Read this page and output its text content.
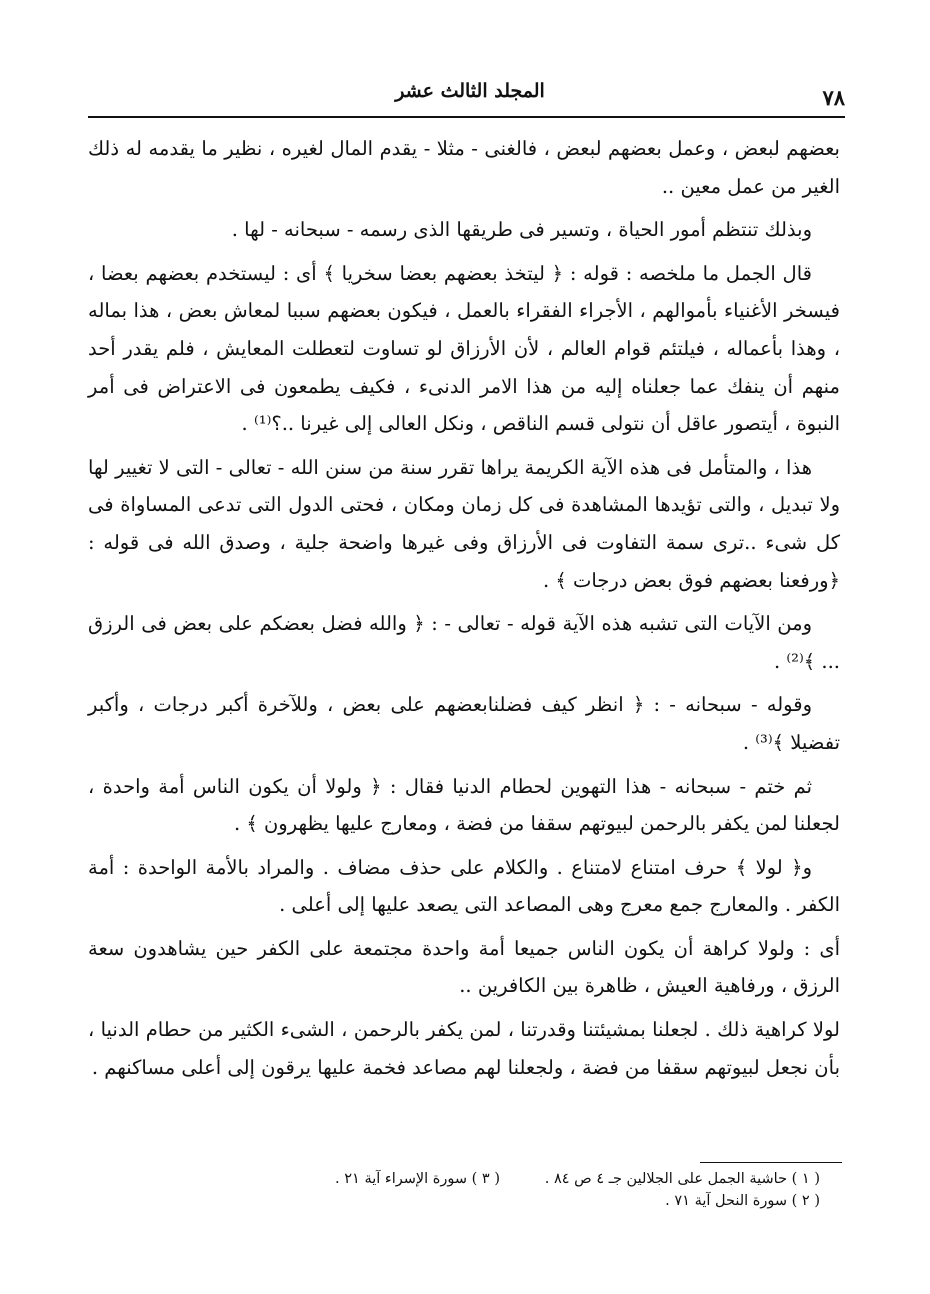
٧٨
المجلد الثالث عشر

بعضهم لبعض ، وعمل بعضهم لبعض ، فالغنى - مثلا - يقدم المال لغيره ، نظير ما يقدمه له ذلك الغير من عمل معين ..

وبذلك تنتظم أمور الحياة ، وتسير فى طريقها الذى رسمه - سبحانه - لها .

قال الجمل ما ملخصه : قوله : ﴿ ليتخذ بعضهم بعضا سخريا ﴾ أى : ليستخدم بعضهم بعضا ، فيسخر الأغنياء بأموالهم ، الأجراء الفقراء بالعمل ، فيكون بعضهم سببا لمعاش بعض ، هذا بماله ، وهذا بأعماله ، فيلتئم قوام العالم ، لأن الأرزاق لو تساوت لتعطلت المعايش ، فلم يقدر أحد منهم أن ينفك عما جعلناه إليه من هذا الامر الدنىء ، فكيف يطمعون فى الاعتراض فى أمر النبوة ، أيتصور عاقل أن نتولى قسم الناقص ، ونكل العالى إلى غيرنا ..؟⁽¹⁾ .

هذا ، والمتأمل فى هذه الآية الكريمة يراها تقرر سنة من سنن الله - تعالى - التى لا تغيير لها ولا تبديل ، والتى تؤيدها المشاهدة فى كل زمان ومكان ، فحتى الدول التى تدعى المساواة فى كل شىء ..ترى سمة التفاوت فى الأرزاق وفى غيرها واضحة جلية ، وصدق الله فى قوله : ﴿ورفعنا بعضهم فوق بعض درجات ﴾ .

ومن الآيات التى تشبه هذه الآية قوله - تعالى - : ﴿ والله فضل بعضكم على بعض فى الرزق ... ﴾⁽²⁾ .

وقوله - سبحانه - : ﴿ انظر كيف فضلنابعضهم على بعض ، وللآخرة أكبر درجات ، وأكبر تفضيلا ﴾⁽³⁾ .

ثم ختم - سبحانه - هذا التهوين لحطام الدنيا فقال : ﴿ ولولا أن يكون الناس أمة واحدة ، لجعلنا لمن يكفر بالرحمن لبيوتهم سقفا من فضة ، ومعارج عليها يظهرون ﴾ .

و﴿ لولا ﴾ حرف امتناع لامتناع . والكلام على حذف مضاف . والمراد بالأمة الواحدة : أمة الكفر . والمعارج جمع معرج وهى المصاعد التى يصعد عليها إلى أعلى .

أى : ولولا كراهة أن يكون الناس جميعا أمة واحدة مجتمعة على الكفر حين يشاهدون سعة الرزق ، ورفاهية العيش ، ظاهرة بين الكافرين ..

لولا كراهية ذلك . لجعلنا بمشيئتنا وقدرتنا ، لمن يكفر بالرحمن ، الشىء الكثير من حطام الدنيا ، بأن نجعل لبيوتهم سقفا من فضة ، ولجعلنا لهم مصاعد فخمة عليها يرقون إلى أعلى مساكنهم .

( ١ ) حاشية الجمل على الجلالين جـ ٤ ص ٨٤ .
( ٣ ) سورة الإسراء آية ٢١ .
( ٢ ) سورة النحل آية ٧١ .
